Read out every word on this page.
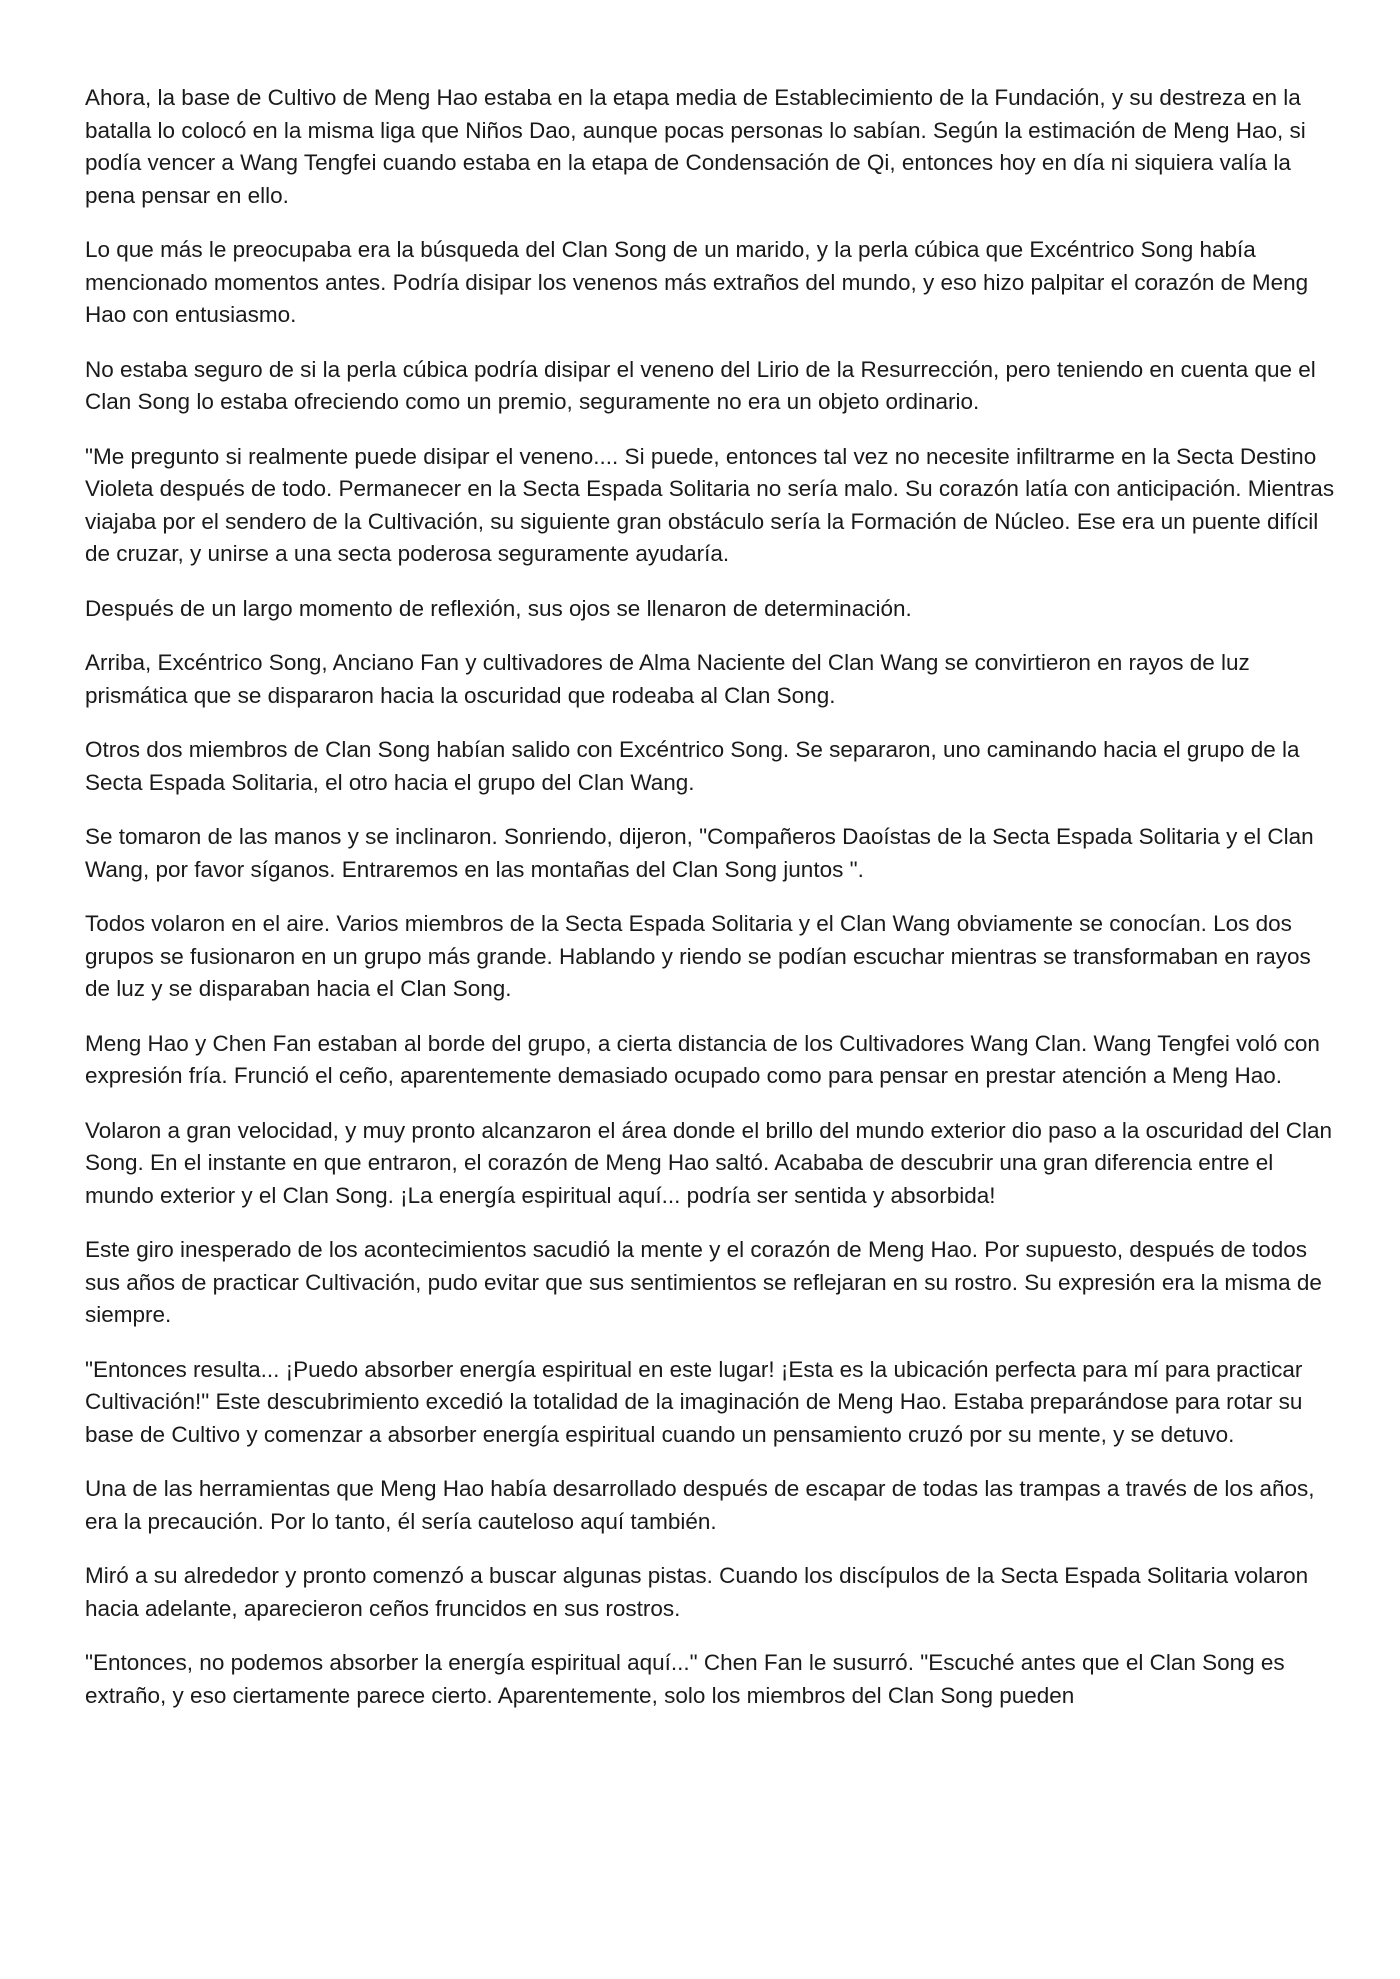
Ahora, la base de Cultivo de Meng Hao estaba en la etapa media de Establecimiento de la Fundación, y su destreza en la batalla lo colocó en la misma liga que Niños Dao, aunque pocas personas lo sabían. Según la estimación de Meng Hao, si podía vencer a Wang Tengfei cuando estaba en la etapa de Condensación de Qi, entonces hoy en día ni siquiera valía la pena pensar en ello.

Lo que más le preocupaba era la búsqueda del Clan Song de un marido, y la perla cúbica que Excéntrico Song había mencionado momentos antes. Podría disipar los venenos más extraños del mundo, y eso hizo palpitar el corazón de Meng Hao con entusiasmo.

No estaba seguro de si la perla cúbica podría disipar el veneno del Lirio de la Resurrección, pero teniendo en cuenta que el Clan Song lo estaba ofreciendo como un premio, seguramente no era un objeto ordinario.

"Me pregunto si realmente puede disipar el veneno.... Si puede, entonces tal vez no necesite infiltrarme en la Secta Destino Violeta después de todo. Permanecer en la Secta Espada Solitaria no sería malo. Su corazón latía con anticipación. Mientras viajaba por el sendero de la Cultivación, su siguiente gran obstáculo sería la Formación de Núcleo. Ese era un puente difícil de cruzar, y unirse a una secta poderosa seguramente ayudaría.

Después de un largo momento de reflexión, sus ojos se llenaron de determinación.

Arriba, Excéntrico Song, Anciano Fan y cultivadores de Alma Naciente del Clan Wang se convirtieron en rayos de luz prismática que se dispararon hacia la oscuridad que rodeaba al Clan Song.

Otros dos miembros de Clan Song habían salido con Excéntrico Song. Se separaron, uno caminando hacia el grupo de la Secta Espada Solitaria, el otro hacia el grupo del Clan Wang.

Se tomaron de las manos y se inclinaron. Sonriendo, dijeron, "Compañeros Daoístas de la Secta Espada Solitaria y el Clan Wang, por favor síganos. Entraremos en las montañas del Clan Song juntos ".

Todos volaron en el aire. Varios miembros de la Secta Espada Solitaria y el Clan Wang obviamente se conocían. Los dos grupos se fusionaron en un grupo más grande. Hablando y riendo se podían escuchar mientras se transformaban en rayos de luz y se disparaban hacia el Clan Song.

Meng Hao y Chen Fan estaban al borde del grupo, a cierta distancia de los Cultivadores Wang Clan. Wang Tengfei voló con expresión fría. Frunció el ceño, aparentemente demasiado ocupado como para pensar en prestar atención a Meng Hao.

Volaron a gran velocidad, y muy pronto alcanzaron el área donde el brillo del mundo exterior dio paso a la oscuridad del Clan Song. En el instante en que entraron, el corazón de Meng Hao saltó. Acababa de descubrir una gran diferencia entre el mundo exterior y el Clan Song. ¡La energía espiritual aquí... podría ser sentida y absorbida!

Este giro inesperado de los acontecimientos sacudió la mente y el corazón de Meng Hao. Por supuesto, después de todos sus años de practicar Cultivación, pudo evitar que sus sentimientos se reflejaran en su rostro. Su expresión era la misma de siempre.

"Entonces resulta... ¡Puedo absorber energía espiritual en este lugar! ¡Esta es la ubicación perfecta para mí para practicar Cultivación!" Este descubrimiento excedió la totalidad de la imaginación de Meng Hao. Estaba preparándose para rotar su base de Cultivo y comenzar a absorber energía espiritual cuando un pensamiento cruzó por su mente, y se detuvo.

Una de las herramientas que Meng Hao había desarrollado después de escapar de todas las trampas a través de los años, era la precaución. Por lo tanto, él sería cauteloso aquí también.

Miró a su alrededor y pronto comenzó a buscar algunas pistas. Cuando los discípulos de la Secta Espada Solitaria volaron hacia adelante, aparecieron ceños fruncidos en sus rostros.

"Entonces, no podemos absorber la energía espiritual aquí..." Chen Fan le susurró. "Escuché antes que el Clan Song es extraño, y eso ciertamente parece cierto. Aparentemente, solo los miembros del Clan Song pueden
